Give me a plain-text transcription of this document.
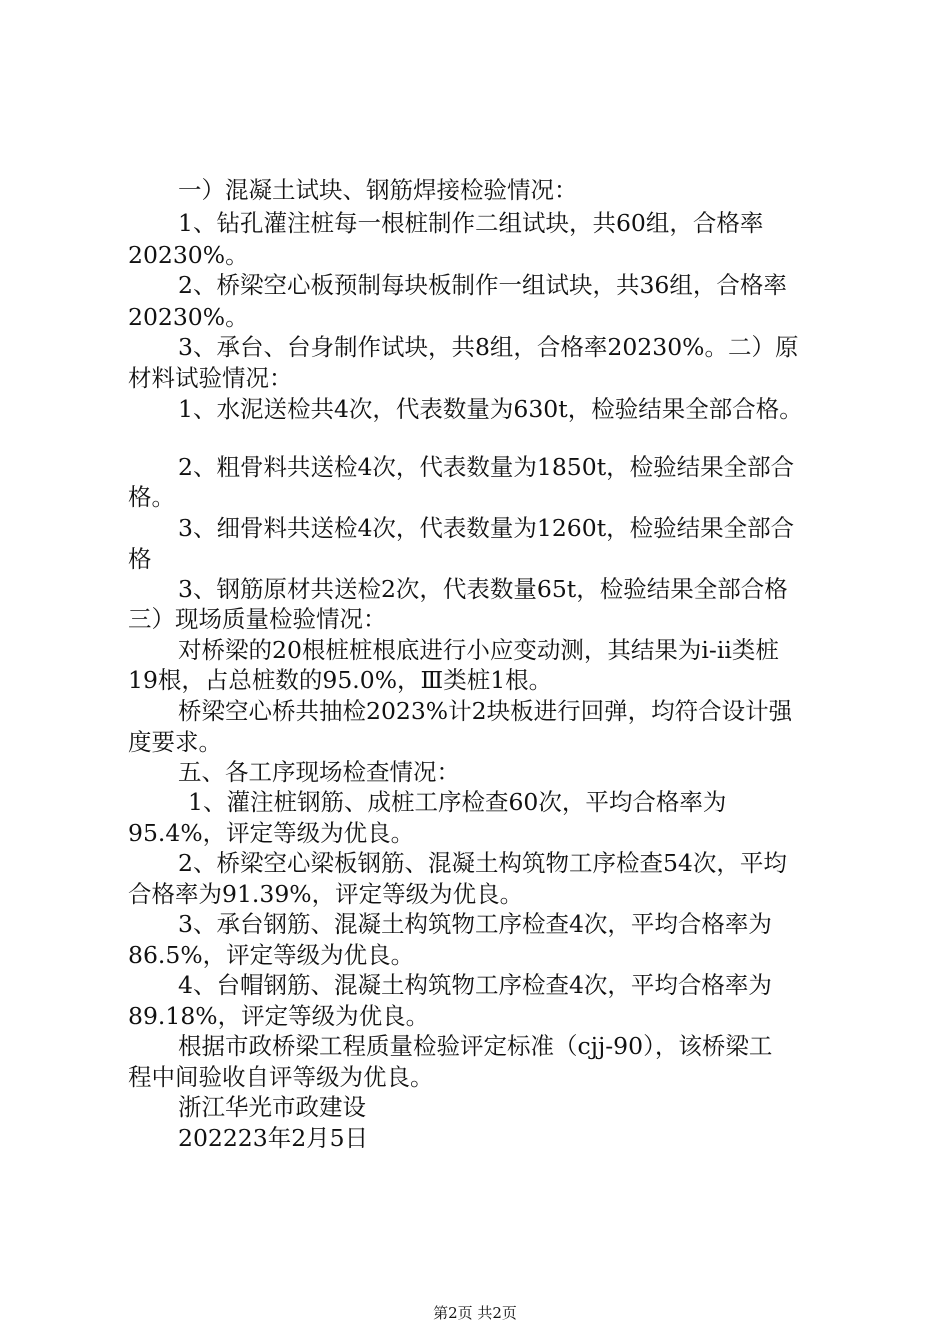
一）混凝土试块、钢筋焊接检验情况：
1、钻孔灌注桩每一根桩制作二组试块，共60组，合格率
20230%。
2、桥梁空心板预制每块板制作一组试块，共36组，合格率
20230%。
3、承台、台身制作试块，共8组，合格率20230%。二）原
材料试验情况：
1、水泥送检共4次，代表数量为630t，检验结果全部合格。
2、粗骨料共送检4次，代表数量为1850t，检验结果全部合
格。
3、细骨料共送检4次，代表数量为1260t，检验结果全部合
格
3、钢筋原材共送检2次，代表数量65t，检验结果全部合格
三）现场质量检验情况：
对桥梁的20根桩桩根底进行小应变动测，其结果为i-ii类桩
19根，占总桩数的95.0%，Ⅲ类桩1根。
桥梁空心桥共抽检2023%计2块板进行回弹，均符合设计强
度要求。
五、各工序现场检查情况：
1、灌注桩钢筋、成桩工序检查60次，平均合格率为
95.4%，评定等级为优良。
2、桥梁空心梁板钢筋、混凝土构筑物工序检查54次，平均
合格率为91.39%，评定等级为优良。
3、承台钢筋、混凝土构筑物工序检查4次，平均合格率为
86.5%，评定等级为优良。
4、台帽钢筋、混凝土构筑物工序检查4次，平均合格率为
89.18%，评定等级为优良。
根据市政桥梁工程质量检验评定标准（cjj-90），该桥梁工
程中间验收自评等级为优良。
浙江华光市政建设
202223年2月5日
第2页 共2页
